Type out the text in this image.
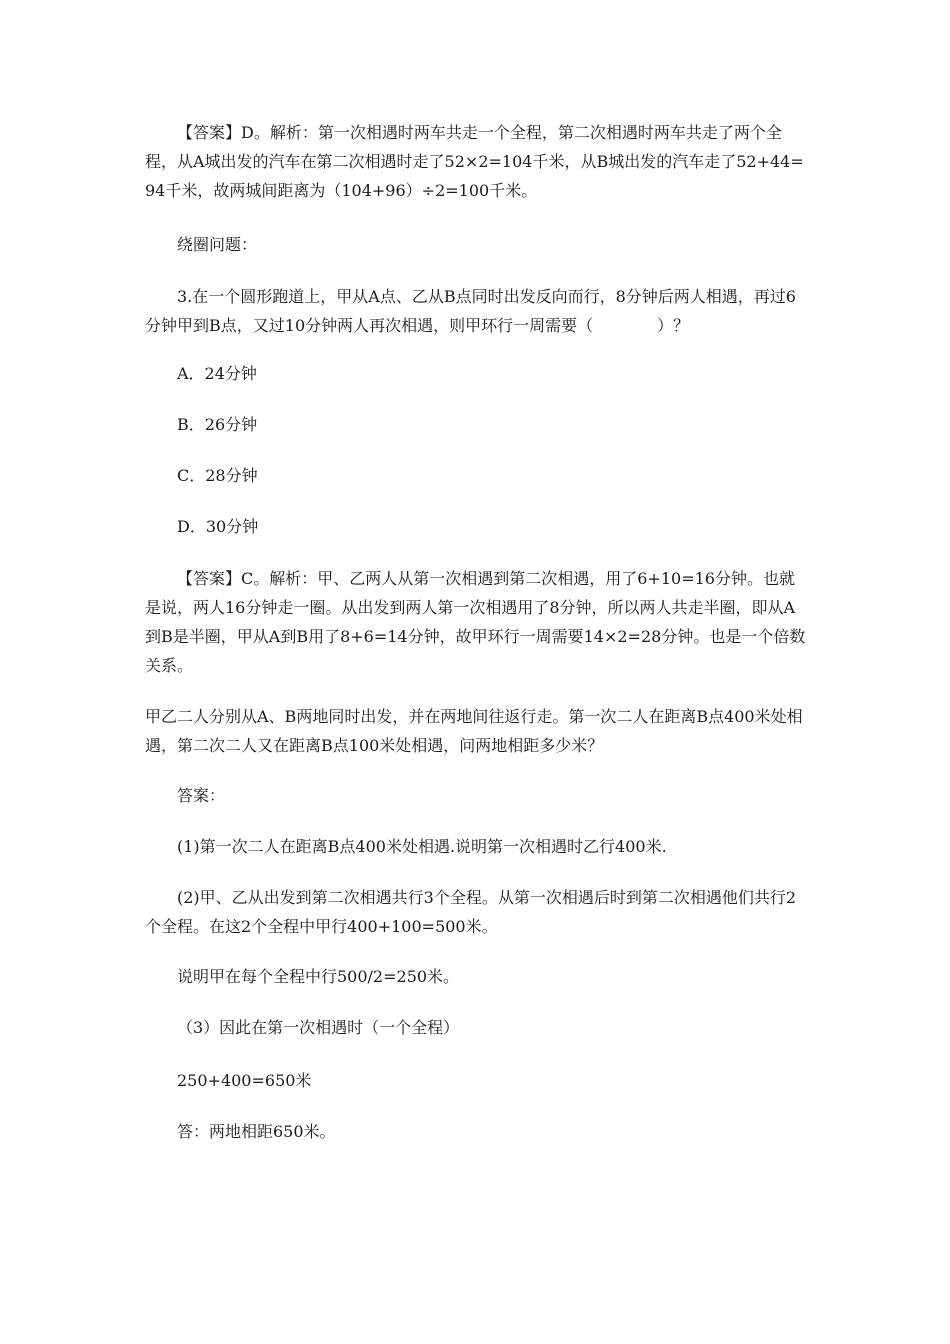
【答案】D。解析：第一次相遇时两车共走一个全程，第二次相遇时两车共走了两个全程，从A城出发的汽车在第二次相遇时走了52×2=104千米，从B城出发的汽车走了52+44=94千米，故两城间距离为（104+96）÷2=100千米。

绕圈问题：

3.在一个圆形跑道上，甲从A点、乙从B点同时出发反向而行，8分钟后两人相遇，再过6分钟甲到B点，又过10分钟两人再次相遇，则甲环行一周需要（　　　　）？

A．24分钟

B．26分钟

C．28分钟

D．30分钟

【答案】C。解析：甲、乙两人从第一次相遇到第二次相遇，用了6+10=16分钟。也就是说，两人16分钟走一圈。从出发到两人第一次相遇用了8分钟，所以两人共走半圈，即从A到B是半圈，甲从A到B用了8+6=14分钟，故甲环行一周需要14×2=28分钟。也是一个倍数关系。

甲乙二人分别从A、B两地同时出发，并在两地间往返行走。第一次二人在距离B点400米处相遇，第二次二人又在距离B点100米处相遇，问两地相距多少米？

答案：

(1)第一次二人在距离B点400米处相遇.说明第一次相遇时乙行400米.

(2)甲、乙从出发到第二次相遇共行3个全程。从第一次相遇后时到第二次相遇他们共行2个全程。在这2个全程中甲行400+100=500米。

说明甲在每个全程中行500/2=250米。

（3）因此在第一次相遇时（一个全程）

250+400=650米

答：两地相距650米。
